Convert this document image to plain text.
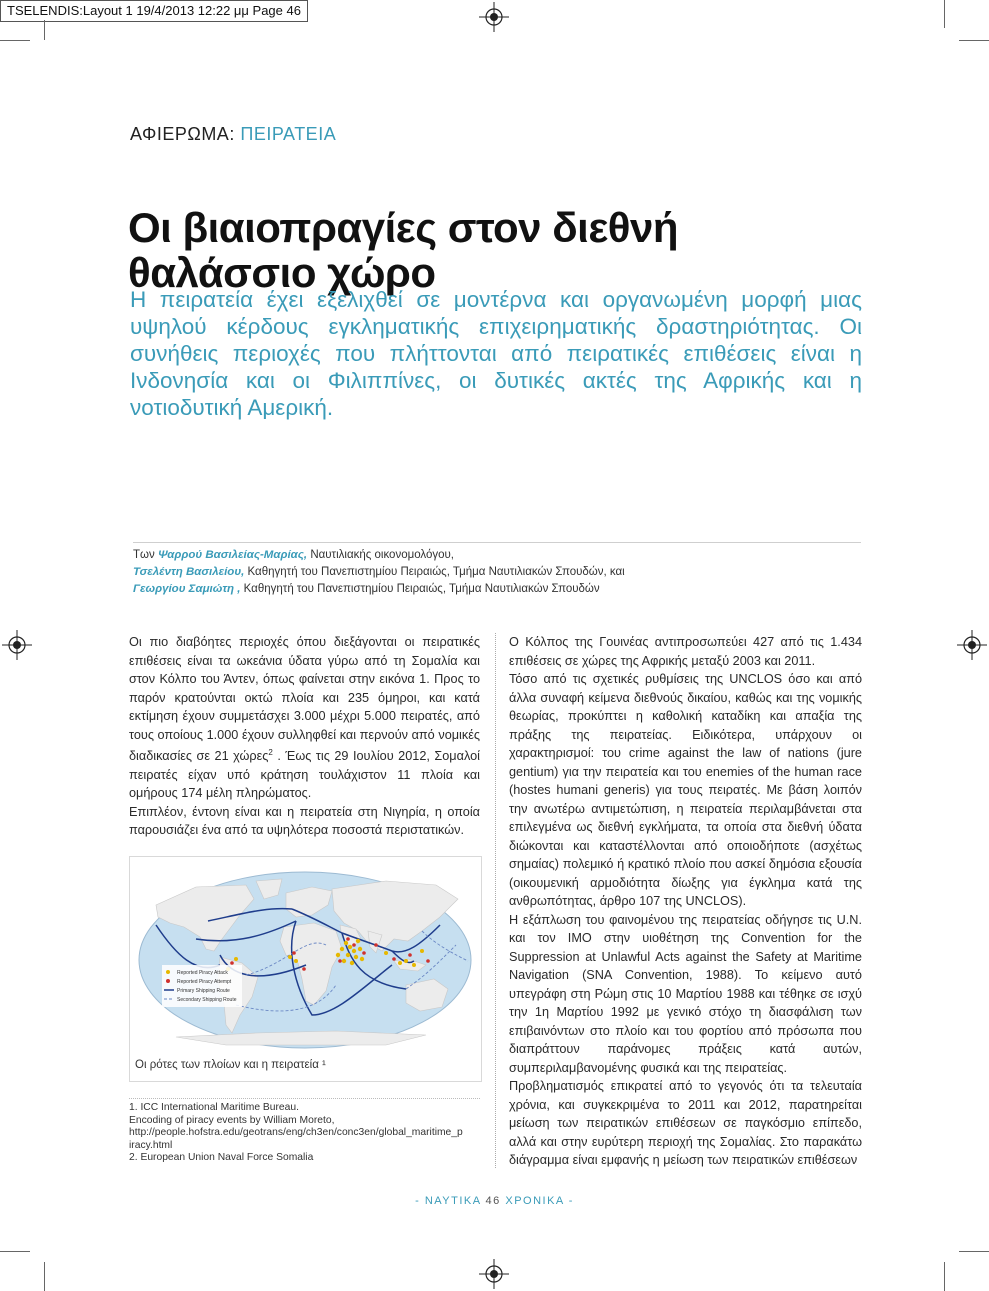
TSELENDIS:Layout 1 19/4/2013 12:22 μμ Page 46
ΑΦΙΕΡΩΜΑ: ΠΕΙΡΑΤΕΙΑ
Οι βιαιοπραγίες στον διεθνή θαλάσσιο χώρο

Η πειρατεία έχει εξελιχθεί σε μοντέρνα και οργανωμένη μορφή μιας υψηλού κέρδους εγκληματικής επιχειρηματικής δραστηριότητας. Οι συνήθεις περιοχές που πλήττονται από πειρατικές επιθέσεις είναι η Ινδονησία και οι Φιλιππίνες, οι δυτικές ακτές της Αφρικής και η νοτιοδυτική Αμερική.

Των Ψαρρού Βασιλείας-Μαρίας, Ναυτιλιακής οικονομολόγου,
Τσελέντη Βασιλείου, Καθηγητή του Πανεπιστημίου Πειραιώς, Τμήμα Ναυτιλιακών Σπουδών, και
Γεωργίου Σαμιώτη , Καθηγητή του Πανεπιστημίου Πειραιώς, Τμήμα Ναυτιλιακών Σπουδών

Οι πιο διαβόητες περιοχές όπου διεξάγονται οι πειρατικές επιθέσεις είναι τα ωκεάνια ύδατα γύρω από τη Σομαλία και στον Κόλπο του Άντεν, όπως φαίνεται στην εικόνα 1. Προς το παρόν κρατούνται οκτώ πλοία και 235 όμηροι, και κατά εκτίμηση έχουν συμμετάσχει 3.000 μέχρι 5.000 πειρατές, από τους οποίους 1.000 έχουν συλληφθεί και περνούν από νομικές διαδικασίες σε 21 χώρες$^2$ . Έως τις 29 Ιουλίου 2012, Σομαλοί πειρατές είχαν υπό κράτηση τουλάχιστον 11 πλοία και ομήρους 174 μέλη πληρώματος.

Επιπλέον, έντονη είναι και η πειρατεία στη Νιγηρία, η οποία παρουσιάζει ένα από τα υψηλότερα ποσοστά περιστατικών.

Reported Piracy Attack
Reported Piracy Attempt
Primary Shipping Route
Secondary Shipping Route
Οι ρότες των πλοίων και η πειρατεία ¹
1. ICC International Maritime Bureau.
Encoding of piracy events by William Moreto,
http://people.hofstra.edu/geotrans/eng/ch3en/conc3en/global_maritime_p
iracy.html
2. European Union Naval Force Somalia

Ο Κόλπος της Γουινέας αντιπροσωπεύει 427 από τις 1.434 επιθέσεις σε χώρες της Αφρικής μεταξύ 2003 και 2011.

Τόσο από τις σχετικές ρυθμίσεις της UNCLOS όσο και από άλλα συναφή κείμενα διεθνούς δικαίου, καθώς και της νομικής θεωρίας, προκύπτει η καθολική καταδίκη και απαξία της πράξης της πειρατείας. Ειδικότερα, υπάρχουν οι χαρακτηρισμοί: του crime against the law of nations (jure gentium) για την πειρατεία και του enemies of the human race (hostes humani generis) για τους πειρατές. Με βάση λοιπόν την ανωτέρω αντιμετώπιση, η πειρατεία περιλαμβάνεται στα επιλεγμένα ως διεθνή εγκλήματα, τα οποία στα διεθνή ύδατα διώκονται και καταστέλλονται από οποιοδήποτε (ασχέτως σημαίας) πολεμικό ή κρατικό πλοίο που ασκεί δημόσια εξουσία (οικουμενική αρμοδιότητα δίωξης για έγκλημα κατά της ανθρωπότητας, άρθρο 107 της UNCLOS).

Η εξάπλωση του φαινομένου της πειρατείας οδήγησε τις U.N. και τον IMO στην υιοθέτηση της Convention for the Suppression at Unlawful Acts against the Safety at Maritime Navigation (SNA Convention, 1988). Το κείμενο αυτό υπεγράφη στη Ρώμη στις 10 Μαρτίου 1988 και τέθηκε σε ισχύ την 1η Μαρτίου 1992 με γενικό στόχο τη διασφάλιση των επιβαινόντων στο πλοίο και του φορτίου από πρόσωπα που διαπράττουν παράνομες πράξεις κατά αυτών, συμπεριλαμβανομένης φυσικά και της πειρατείας.

Προβληματισμός επικρατεί από το γεγονός ότι τα τελευταία χρόνια, και συγκεκριμένα το 2011 και 2012, παρατηρείται μείωση των πειρατικών επιθέσεων σε παγκόσμιο επίπεδο, αλλά και στην ευρύτερη περιοχή της Σομαλίας. Στο παρακάτω διάγραμμα είναι εμφανής η μείωση των πειρατικών επιθέσεων

- ΝΑΥΤΙΚΑ 46 ΧΡΟΝΙΚΑ -
